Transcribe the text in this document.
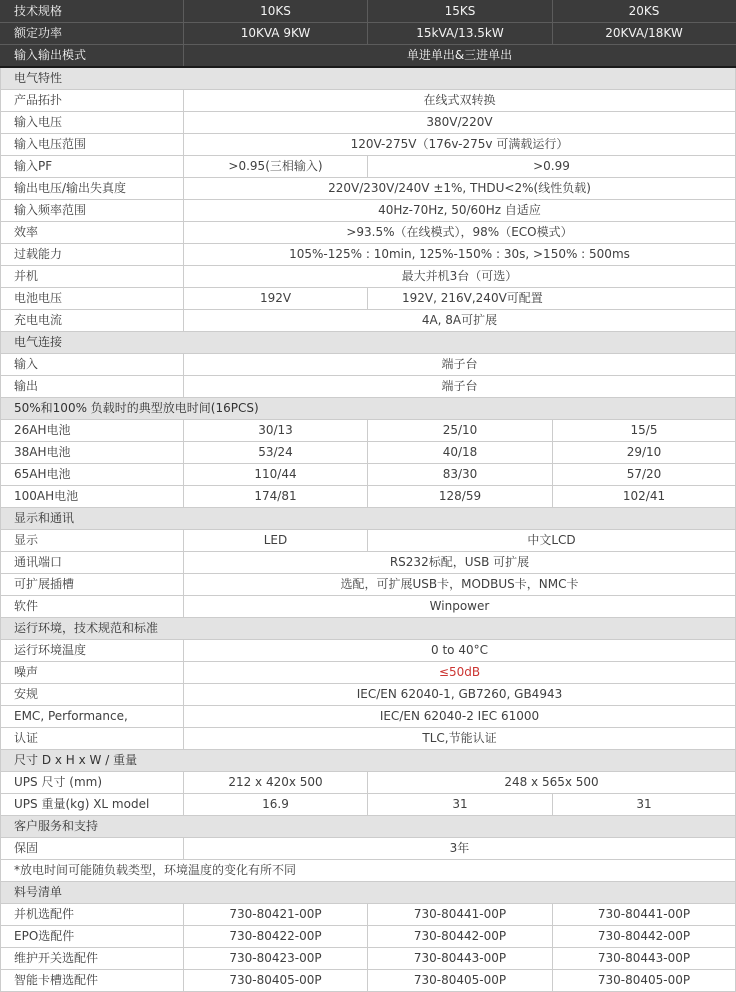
技术规格	10KS	15KS	20KS
额定功率	10KVA 9KW	15kVA/13.5kW	20KVA/18KW
输入输出模式	单进单出&三进单出		
电气特性			
产品拓扑	在线式双转换		
输入电压	380V/220V		
输入电压范围	120V-275V（176v-275v 可满载运行）		
输入PF	>0.95(三相输入)	>0.99	
输出电压/输出失真度	220V/230V/240V ±1%, THDU<2%(线性负载)		
输入频率范围	40Hz-70Hz, 50/60Hz 自适应		
效率	>93.5%（在线模式），98%（ECO模式）		
过载能力	105%-125% : 10min, 125%-150% : 30s, >150% : 500ms		
并机	最大并机3台（可选）		
电池电压	192V	192V, 216V,240V可配置	
充电电流	4A, 8A可扩展		
电气连接			
输入	端子台		
输出	端子台		
50%和100% 负载时的典型放电时间(16PCS)			
26AH电池	30/13	25/10	15/5
38AH电池	53/24	40/18	29/10
65AH电池	110/44	83/30	57/20
100AH电池	174/81	128/59	102/41
显示和通讯			
显示	LED	中文LCD	
通讯端口	RS232标配，USB 可扩展		
可扩展插槽	选配，可扩展USB卡，MODBUS卡，NMC卡		
软件	Winpower		
运行环境，技术规范和标准			
运行环境温度	0 to 40°C		
噪声	≤50dB		
安规	IEC/EN 62040-1, GB7260, GB4943		
EMC, Performance,	IEC/EN 62040-2 IEC 61000		
认证	TLC,节能认证		
尺寸 D x H x W / 重量			
UPS 尺寸 (mm)	212 x 420x 500	248 x 565x 500	
UPS 重量(kg) XL model	16.9	31	31
客户服务和支持			
保固	3年		
*放电时间可能随负载类型，环境温度的变化有所不同			
料号清单			
并机选配件	730-80421-00P	730-80441-00P	730-80441-00P
EPO选配件	730-80422-00P	730-80442-00P	730-80442-00P
维护开关选配件	730-80423-00P	730-80443-00P	730-80443-00P
智能卡槽选配件	730-80405-00P	730-80405-00P	730-80405-00P
